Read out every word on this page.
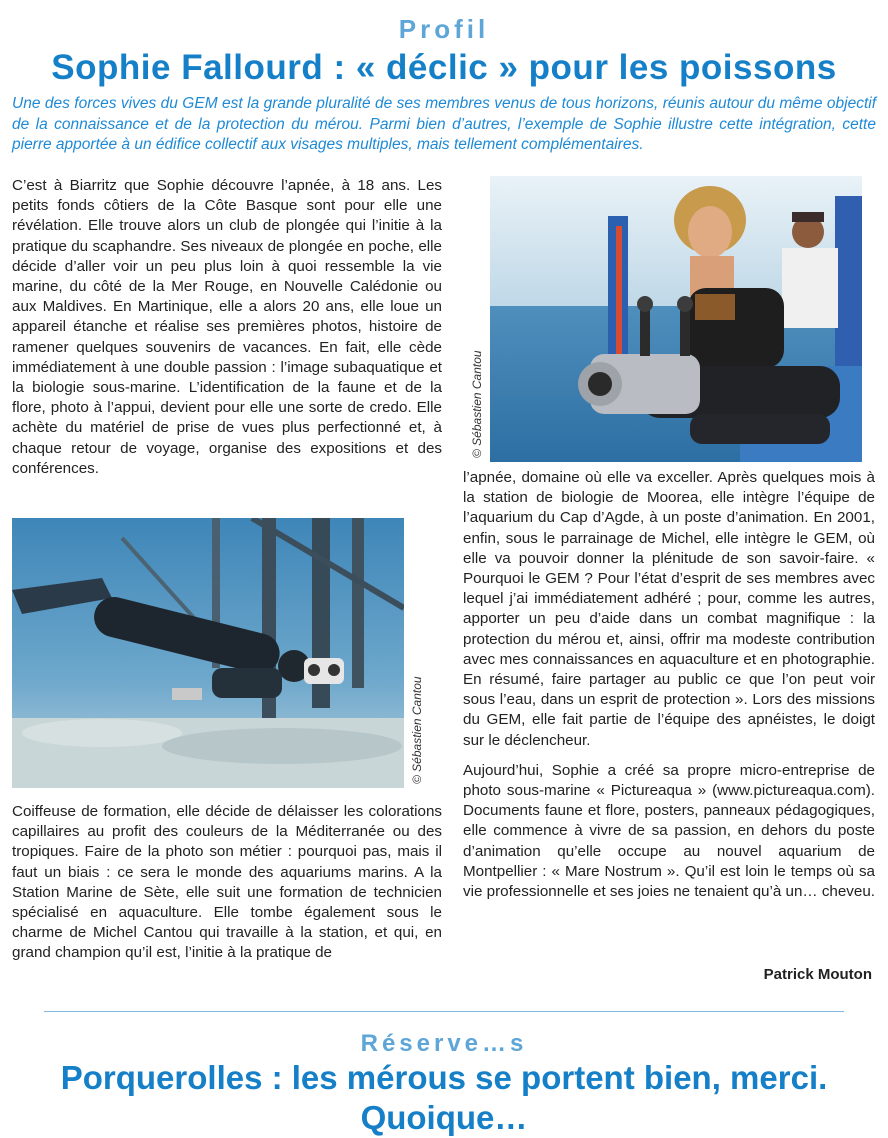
Profil
Sophie Fallourd : « déclic » pour les poissons
Une des forces vives du GEM est la grande pluralité de ses membres venus de tous horizons, réunis autour du même objectif de la connaissance et de la protection du mérou. Parmi bien d’autres, l’exemple de Sophie illustre cette intégration, cette pierre apportée à un édifice collectif aux visages multiples, mais tellement complémentaires.

C’est à Biarritz que Sophie découvre l’apnée, à 18 ans. Les petits fonds côtiers de la Côte Basque sont pour elle une révélation. Elle trouve alors un club de plongée qui l’initie à la pratique du scaphandre. Ses niveaux de plongée en poche, elle décide d’aller voir un peu plus loin à quoi ressemble la vie marine, du côté de la Mer Rouge, en Nouvelle Calédonie ou aux Maldives. En Martinique, elle a alors 20 ans, elle loue un appareil étanche et réalise ses premières photos, histoire de ramener quelques souvenirs de vacances. En fait, elle cède immédiatement à une double passion : l’image subaquatique et la biologie sous-marine. L’identification de la faune et de la flore, photo à l’appui, devient pour elle une sorte de credo. Elle achète du matériel de prise de vues plus perfectionné et, à chaque retour de voyage, organise des expositions et des conférences.

© Sébastien Cantou
© Sébastien Cantou

Coiffeuse de formation, elle décide de délaisser les colorations capillaires au profit des couleurs de la Méditerranée ou des tropiques. Faire de la photo son métier : pourquoi pas, mais il faut un biais : ce sera le monde des aquariums marins. A la Station Marine de Sète, elle suit une formation de technicien spécialisé en aquaculture. Elle tombe également sous le charme de Michel Cantou qui travaille à la station, et qui, en grand champion qu’il est, l’initie à la pratique de

l’apnée, domaine où elle va exceller. Après quelques mois à la station de biologie de Moorea, elle intègre l’équipe de l’aquarium du Cap d’Agde, à un poste d’animation. En 2001, enfin, sous le parrainage de Michel, elle intègre le GEM, où elle va pouvoir donner la plénitude de son savoir-faire. « Pourquoi le GEM ? Pour l’état d’esprit de ses membres avec lequel j’ai immédiatement adhéré ; pour, comme les autres, apporter un peu d’aide dans un combat magnifique : la protection du mérou et, ainsi, offrir ma modeste contribution avec mes connaissances en aquaculture et en photographie. En résumé, faire partager au public ce que l’on peut voir sous l’eau, dans un esprit de protection ». Lors des missions du GEM, elle fait partie de l’équipe des apnéistes, le doigt sur le déclencheur.

Aujourd’hui, Sophie a créé sa propre micro-entreprise de photo sous-marine « Pictureaqua » (www.pictureaqua.com). Documents faune et flore, posters, panneaux pédagogiques, elle commence à vivre de sa passion, en dehors du poste d’animation qu’elle occupe au nouvel aquarium de Montpellier : « Mare Nostrum ». Qu’il est loin le temps où sa vie professionnelle et ses joies ne tenaient qu’à un… cheveu.

Patrick Mouton
Réserve…s
Porquerolles : les mérous se portent bien, merci. Quoique…
